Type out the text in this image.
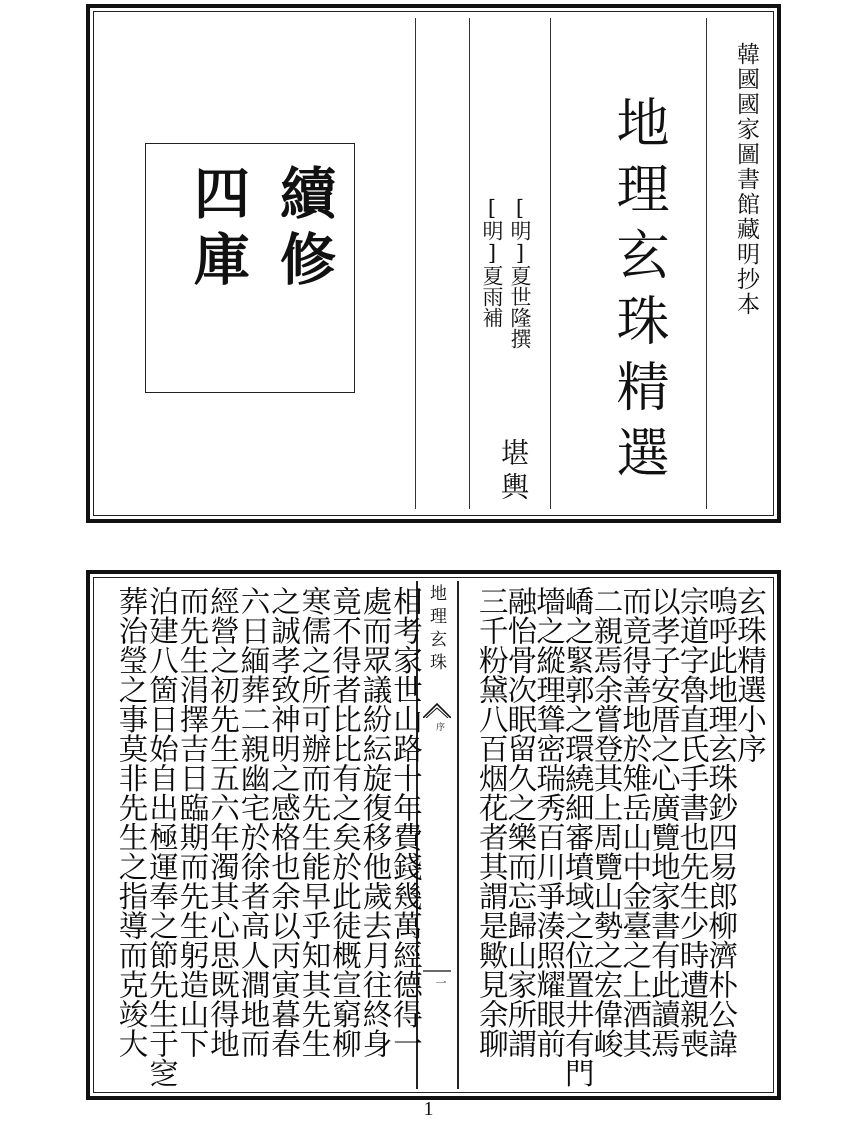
韓國國家圖書館藏明抄本
地理玄珠精選
[明]夏世隆撰
[明]夏雨補
堪輿
續修
四庫
地理玄珠
序
一
玄珠精選小序
嗚呼此地理玄珠鈔四易郎柳濟朴公諱
宗道字魯直氏手書也先生少時遭親喪
以孝子安厝之心廣覽地家書有此讀焉
而竟得善地於雉岳山中金臺之上酒其
二親焉余嘗登其上周覽山勢之宏偉峻
嶠之緊郭之環繞細審墳域之位置井有門
墻之縱理聳密瑞秀百川爭湊照耀眼前
融怡骨次眠留久之樂而忘歸山家所謂
三千粉黛八百烟花者其謂是歟見余聊
相考家世山路十年費錢幾萬經德得一
處而眾議紛紜旋復移他歲去月往終身
竟不得者比比有之矣於此徒概宣窮柳
寒儒之所可辦而先生能早乎知其先生
之誠孝致神明之感格也余以丙寅暮春
六日緬葬二親幽宅於徐者高人澗地而
經營之初先生五六年濁其心思既得地
而先生涓擇吉日臨期而先生躬造山下
泊建八箇日始自出極運奉之節先生于窆
葬治瑩之事莫非先生之指導而克竣大
1
